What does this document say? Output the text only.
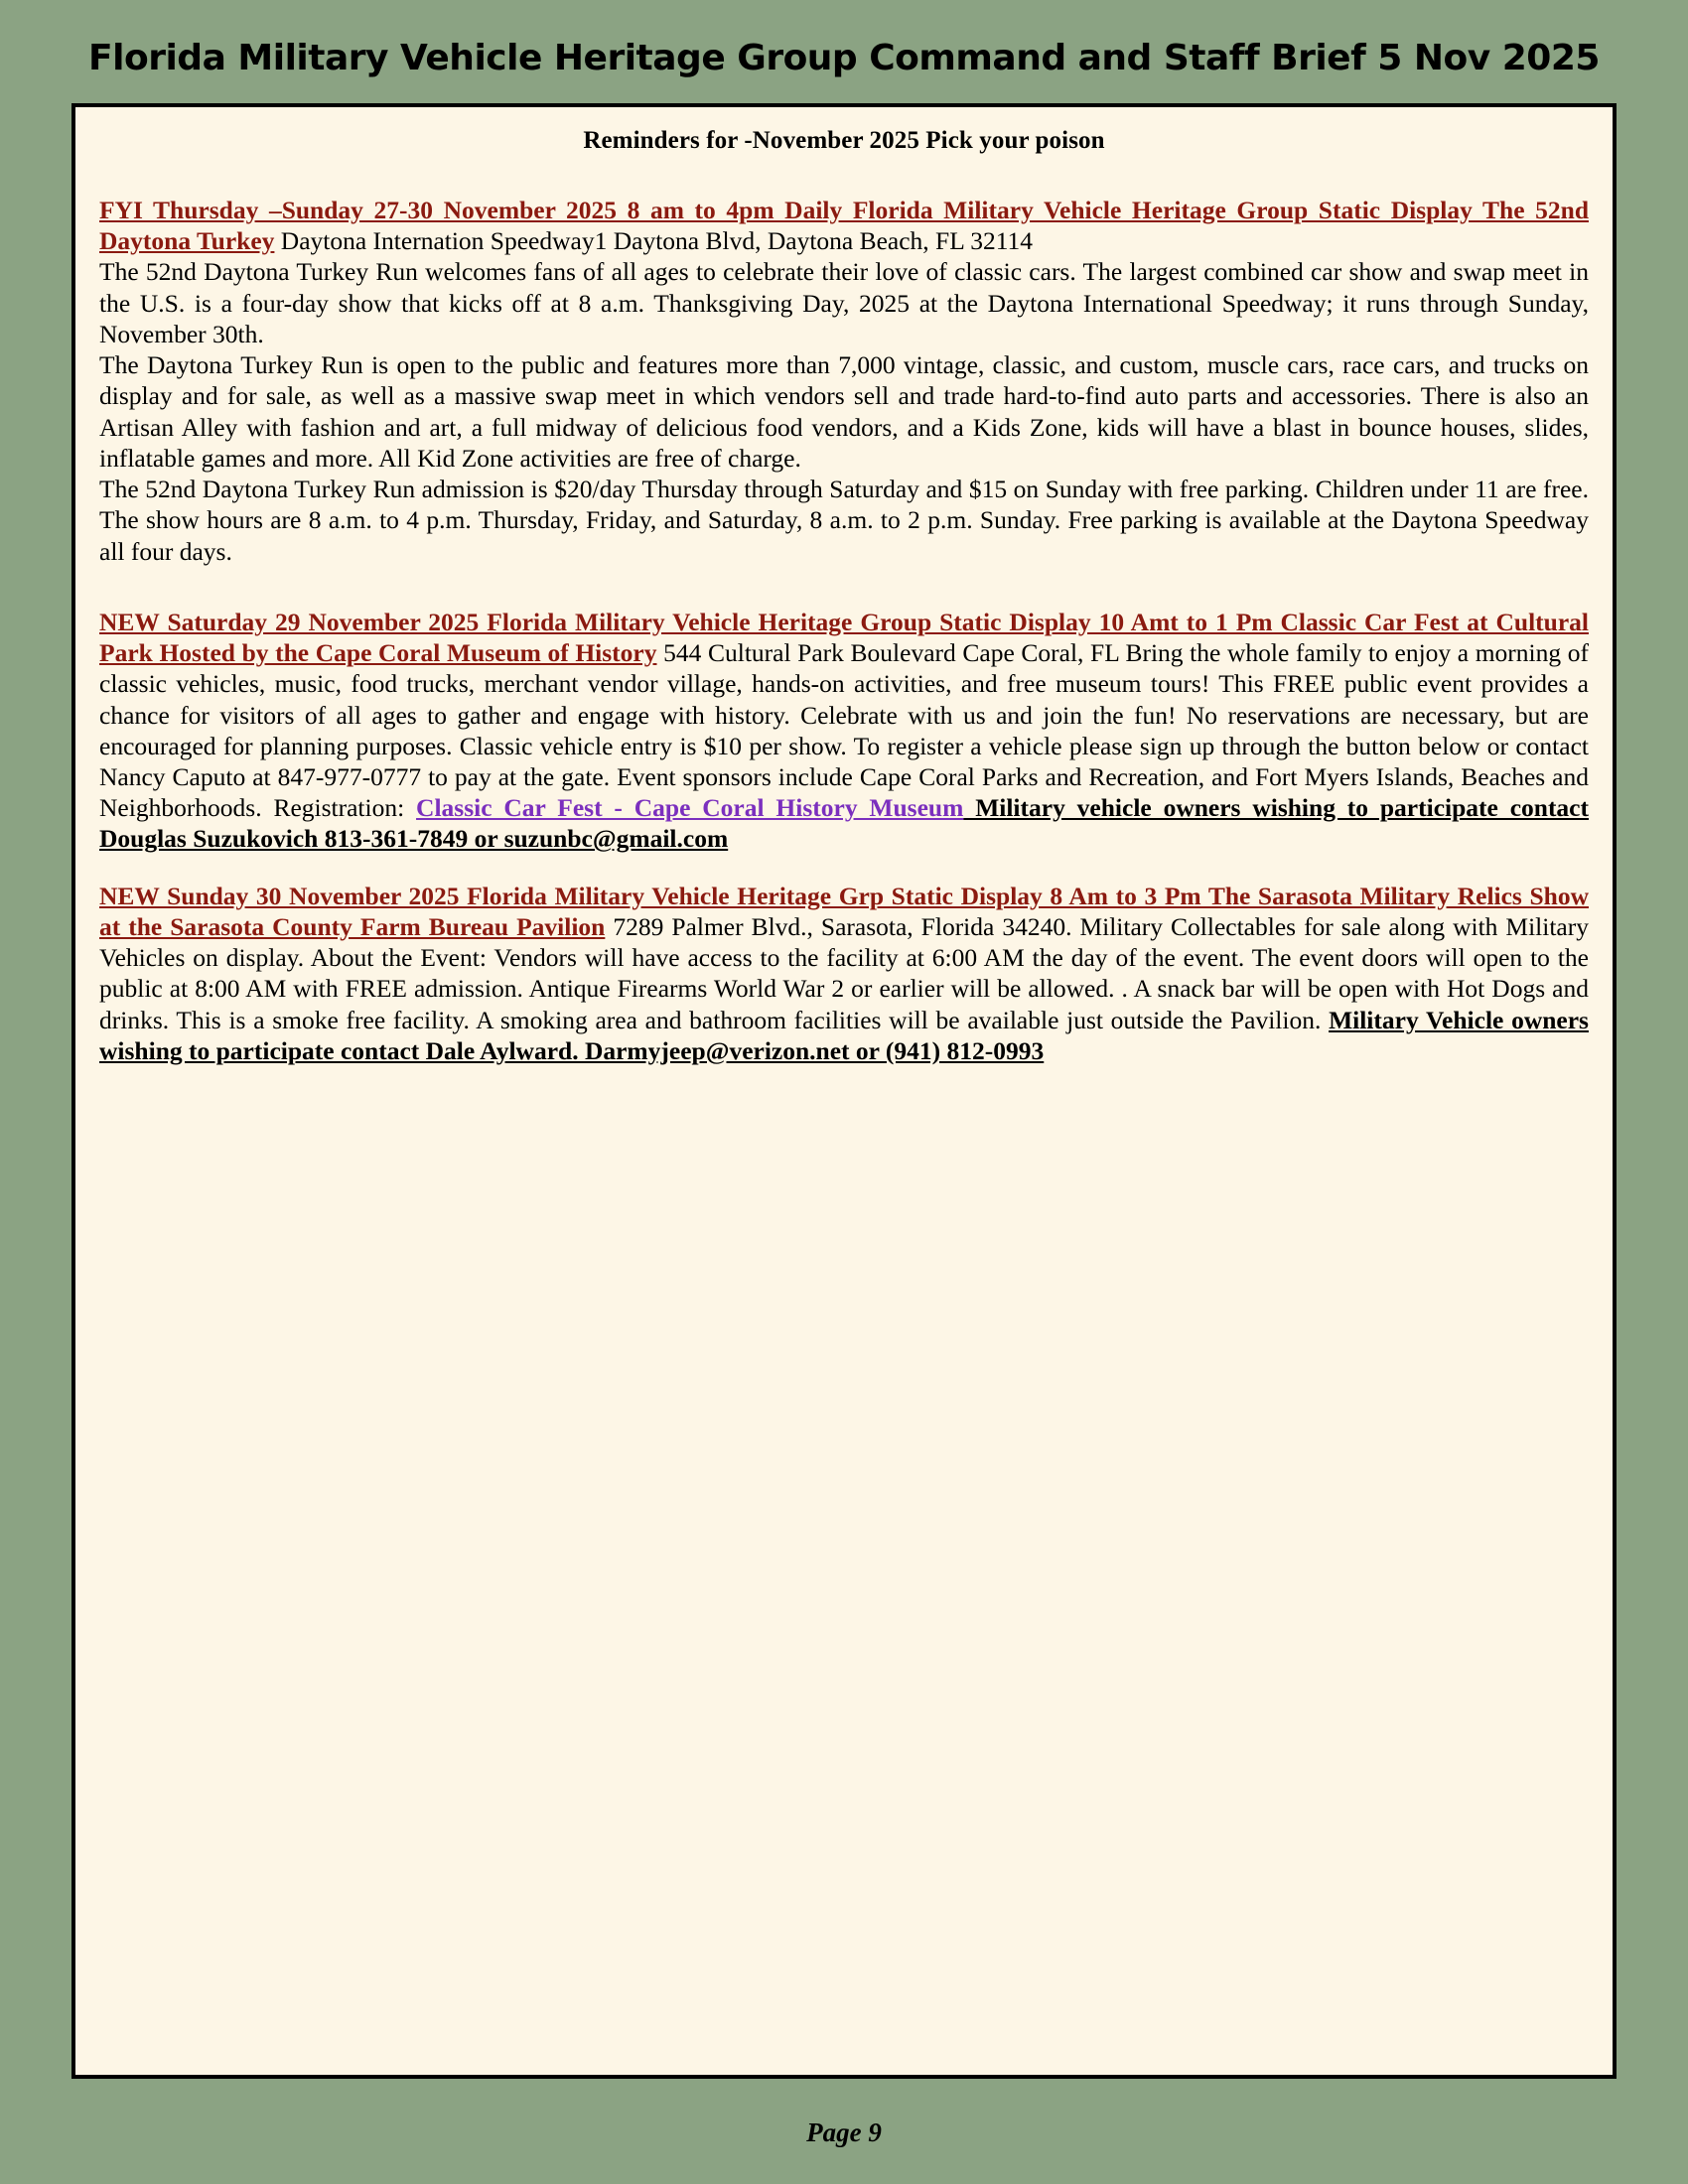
Florida Military Vehicle Heritage Group Command and Staff Brief 5 Nov 2025
Reminders for -November 2025 Pick your poison

FYI Thursday –Sunday 27-30 November 2025 8 am to 4pm Daily Florida Military Vehicle Heritage Group Static Display The 52nd Daytona Turkey Daytona Internation Speedway1 Daytona Blvd, Daytona Beach, FL 32114

The 52nd Daytona Turkey Run welcomes fans of all ages to celebrate their love of classic cars. The largest combined car show and swap meet in the U.S. is a four-day show that kicks off at 8 a.m. Thanksgiving Day, 2025 at the Daytona International Speedway; it runs through Sunday, November 30th.

The Daytona Turkey Run is open to the public and features more than 7,000 vintage, classic, and custom, muscle cars, race cars, and trucks on display and for sale, as well as a massive swap meet in which vendors sell and trade hard-to-find auto parts and accessories. There is also an Artisan Alley with fashion and art, a full midway of delicious food vendors, and a Kids Zone, kids will have a blast in bounce houses, slides, inflatable games and more. All Kid Zone activities are free of charge.

The 52nd Daytona Turkey Run admission is $20/day Thursday through Saturday and $15 on Sunday with free parking. Children under 11 are free. The show hours are 8 a.m. to 4 p.m. Thursday, Friday, and Saturday, 8 a.m. to 2 p.m. Sunday. Free parking is available at the Daytona Speedway all four days.

NEW Saturday 29 November 2025 Florida Military Vehicle Heritage Group Static Display 10 Amt to 1 Pm Classic Car Fest at Cultural Park Hosted by the Cape Coral Museum of History 544 Cultural Park Boulevard Cape Coral, FL Bring the whole family to enjoy a morning of classic vehicles, music, food trucks, merchant vendor village, hands-on activities, and free museum tours! This FREE public event provides a chance for visitors of all ages to gather and engage with history. Celebrate with us and join the fun! No reservations are necessary, but are encouraged for planning purposes. Classic vehicle entry is $10 per show. To register a vehicle please sign up through the button below or contact Nancy Caputo at 847-977-0777 to pay at the gate. Event sponsors include Cape Coral Parks and Recreation, and Fort Myers Islands, Beaches and Neighborhoods. Registration: Classic Car Fest - Cape Coral History Museum Military vehicle owners wishing to participate contact Douglas Suzukovich 813-361-7849 or suzunbc@gmail.com

NEW Sunday 30 November 2025 Florida Military Vehicle Heritage Grp Static Display 8 Am to 3 Pm The Sarasota Military Relics Show at the Sarasota County Farm Bureau Pavilion 7289 Palmer Blvd., Sarasota, Florida 34240. Military Collectables for sale along with Military Vehicles on display. About the Event: Vendors will have access to the facility at 6:00 AM the day of the event. The event doors will open to the public at 8:00 AM with FREE admission. Antique Firearms World War 2 or earlier will be allowed. . A snack bar will be open with Hot Dogs and drinks. This is a smoke free facility. A smoking area and bathroom facilities will be available just outside the Pavilion. Military Vehicle owners wishing to participate contact Dale Aylward. Darmyjeep@verizon.net or (941) 812-0993

Page 9
